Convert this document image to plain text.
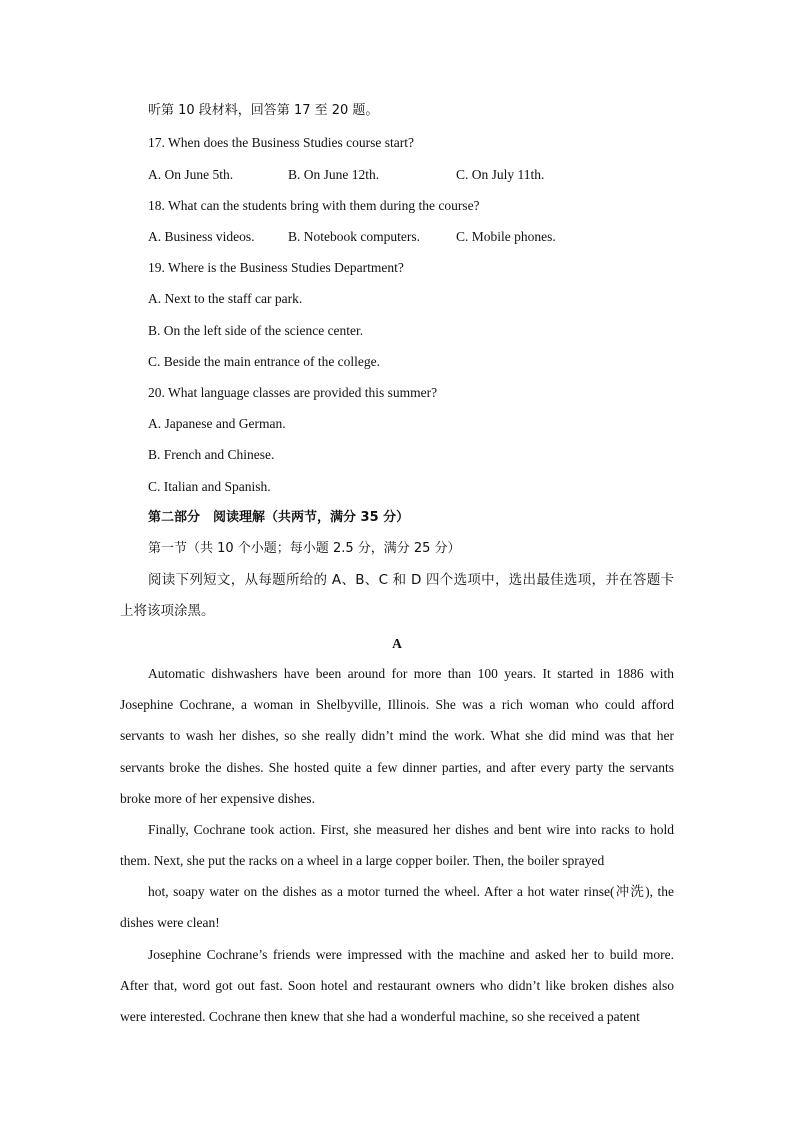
听第 10 段材料，回答第 17 至 20 题。

17. When does the Business Studies course start?

A. On June 5th.	B. On June 12th.	C. On July 11th.

18. What can the students bring with them during the course?

A. Business videos. B. Notebook computers.	C. Mobile phones.

19. Where is the Business Studies Department?

A. Next to the staff car park.

B. On the left side of the science center.

C. Beside the main entrance of the college.

20. What language classes are provided this summer?

A. Japanese and German.

B. French and Chinese.

C. Italian and Spanish.

第二部分　阅读理解（共两节，满分 35 分）

第一节（共 10 个小题；每小题 2.5 分，满分 25 分）

阅读下列短文，从每题所给的 A、B、C 和 D 四个选项中，选出最佳选项，并在答题卡上将该项涂黑。

A

Automatic dishwashers have been around for more than 100 years. It started in 1886 with Josephine Cochrane, a woman in Shelbyville, Illinois. She was a rich woman who could afford servants to wash her dishes, so she really didn’t mind the work. What she did mind was that her servants broke the dishes. She hosted quite a few dinner parties, and after every party the servants broke more of her expensive dishes.

Finally, Cochrane took action. First, she measured her dishes and bent wire into racks to hold them. Next, she put the racks on a wheel in a large copper boiler. Then, the boiler sprayed

hot, soapy water on the dishes as a motor turned the wheel. After a hot water rinse(冲洗), the dishes were clean!

Josephine Cochrane’s friends were impressed with the machine and asked her to build more. After that, word got out fast. Soon hotel and restaurant owners who didn’t like broken dishes also were interested. Cochrane then knew that she had a wonderful machine, so she received a patent
